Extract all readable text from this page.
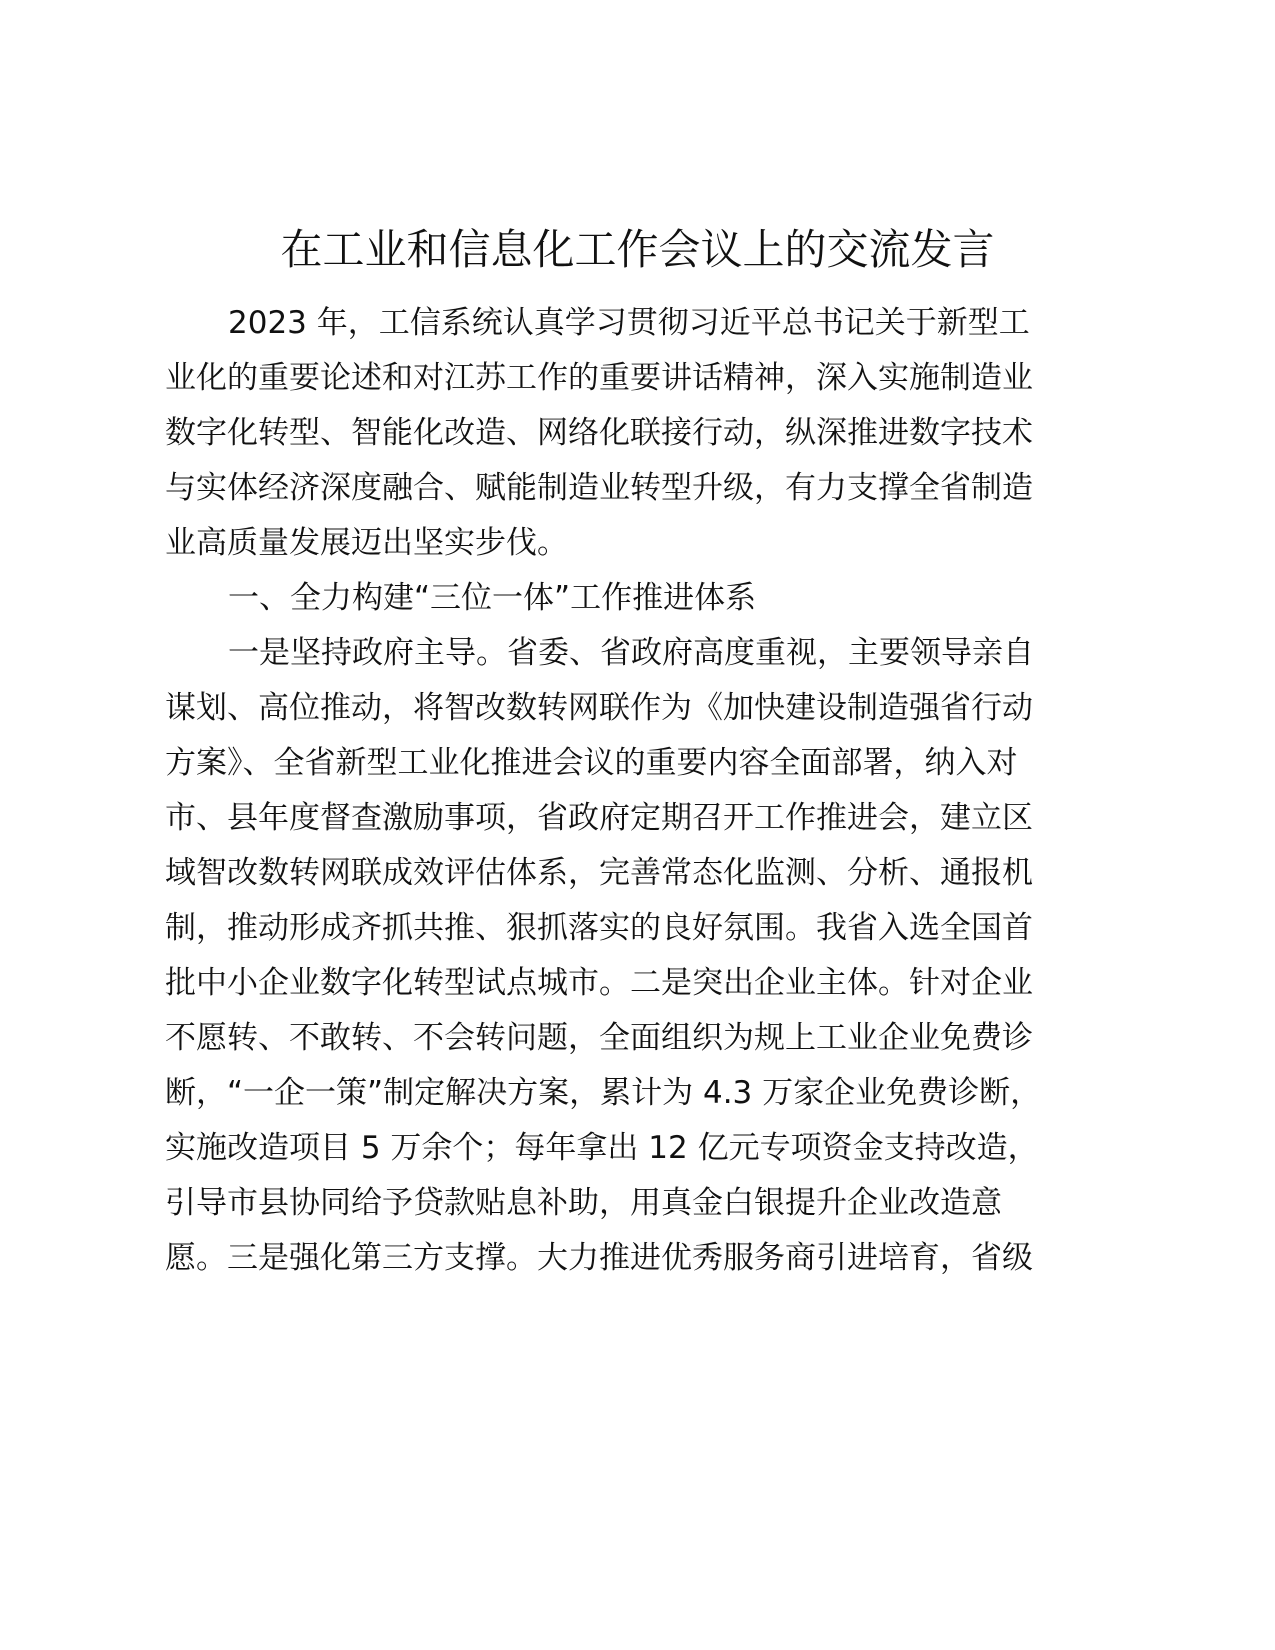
在工业和信息化工作会议上的交流发言
2023 年，工信系统认真学习贯彻习近平总书记关于新型工
业化的重要论述和对江苏工作的重要讲话精神，深入实施制造业
数字化转型、智能化改造、网络化联接行动，纵深推进数字技术
与实体经济深度融合、赋能制造业转型升级，有力支撑全省制造
业高质量发展迈出坚实步伐。
一、全力构建“三位一体”工作推进体系
一是坚持政府主导。省委、省政府高度重视，主要领导亲自
谋划、高位推动，将智改数转网联作为《加快建设制造强省行动
方案》、全省新型工业化推进会议的重要内容全面部署，纳入对
市、县年度督查激励事项，省政府定期召开工作推进会，建立区
域智改数转网联成效评估体系，完善常态化监测、分析、通报机
制，推动形成齐抓共推、狠抓落实的良好氛围。我省入选全国首
批中小企业数字化转型试点城市。二是突出企业主体。针对企业
不愿转、不敢转、不会转问题，全面组织为规上工业企业免费诊
断，“一企一策”制定解决方案，累计为 4.3 万家企业免费诊断，
实施改造项目 5 万余个；每年拿出 12 亿元专项资金支持改造，
引导市县协同给予贷款贴息补助，用真金白银提升企业改造意
愿。三是强化第三方支撑。大力推进优秀服务商引进培育，省级
